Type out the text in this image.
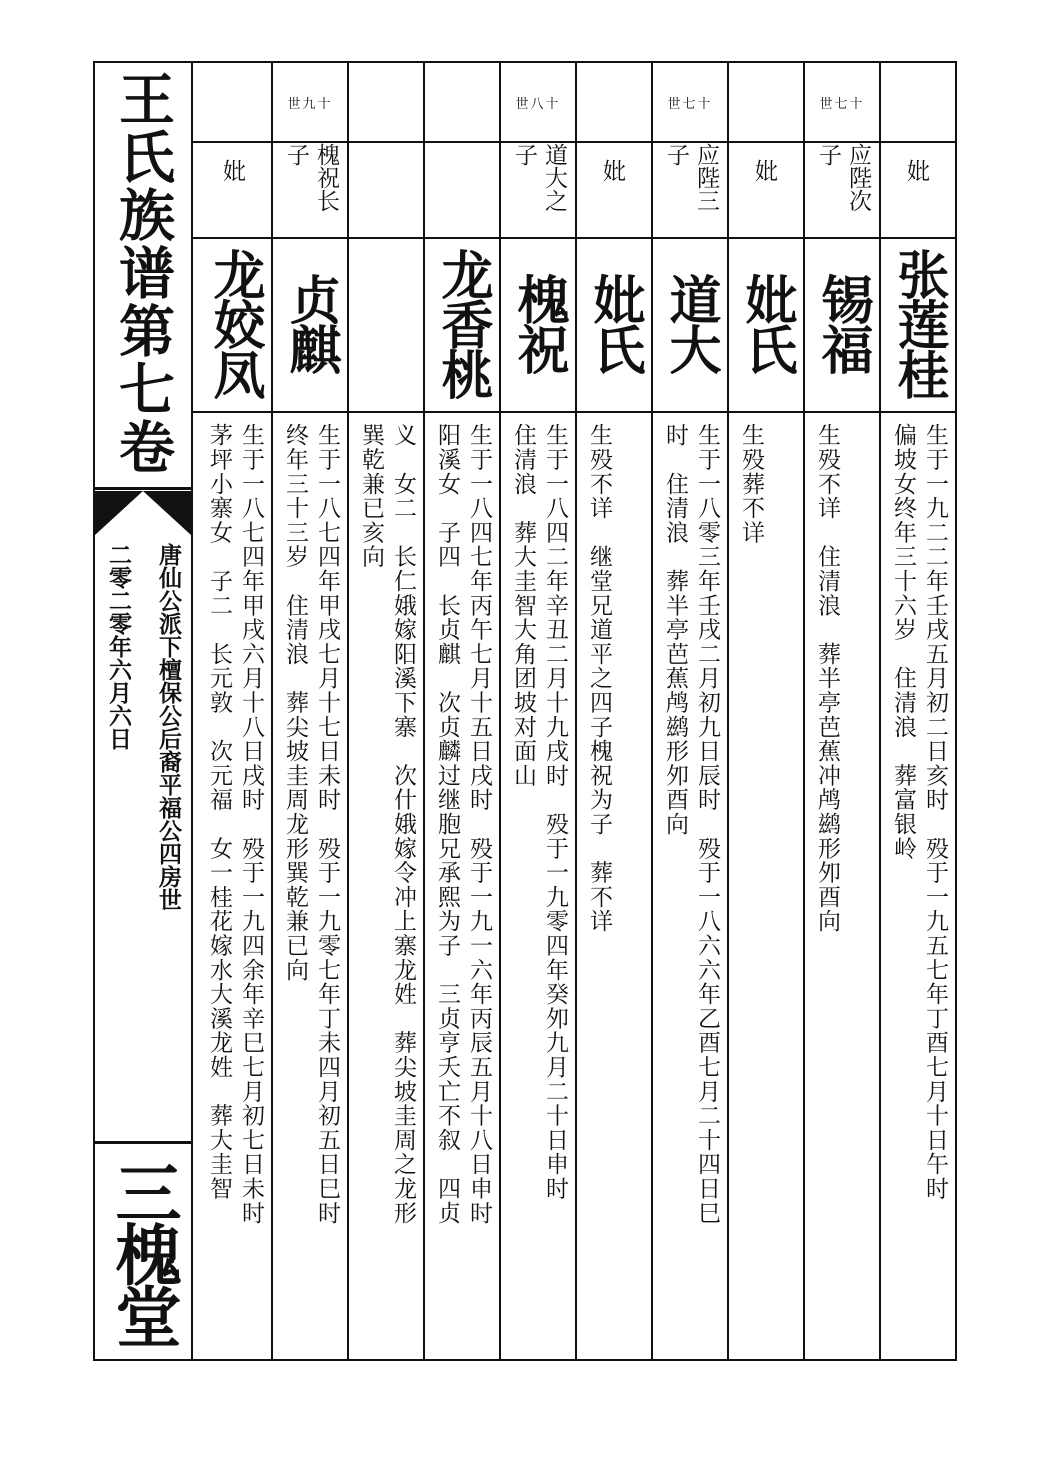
王氏族谱第七卷
唐仙公派下檀保公后裔平福公四房世
二零二零年六月六日
三槐堂
妣
张莲桂
生于一九二二年壬戌五月初二日亥时　殁于一九五七年丁酉七月十日午时
偏坡女终年三十六岁　住清浪　葬富银岭
世七十
应陛次子
锡福

生殁不详　住清浪　葬半亭芭蕉冲鸬鹚形夘酉向
妣
妣氏

生殁葬不详
世七十
应陛三子
道大
生于一八零三年壬戌二月初九日辰时　殁于一八六六年乙酉七月二十四日巳
时　住清浪　葬半亭芭蕉鸬鹚形夘酉向
妣
妣氏

生殁不详　继堂兄道平之四子槐祝为子　葬不详
世八十
道大之子
槐祝
生于一八四二年辛丑二月十九戌时　殁于一九零四年癸夘九月二十日申时
住清浪　葬大圭智大角团坡对面山
龙香桃
生于一八四七年丙午七月十五日戌时　殁于一九一六年丙辰五月十八日申时
阳溪女　子四　长贞麒　次贞麟过继胞兄承熙为子　三贞亨夭亡不叙　四贞
义　女二　长仁娥嫁阳溪下寨　次什娥嫁令冲上寨龙姓　葬尖坡圭周之龙形
巽乾兼已亥向
世九十
槐祝长子
贞麒
生于一八七四年甲戌七月十七日未时　殁于一九零七年丁未四月初五日巳时
终年三十三岁　住清浪　葬尖坡圭周龙形巽乾兼已向
妣
龙姣凤
生于一八七四年甲戌六月十八日戌时　殁于一九四余年辛巳七月初七日未时
茅坪小寨女　子二　长元敦　次元福　女一桂花嫁水大溪龙姓　葬大圭智
